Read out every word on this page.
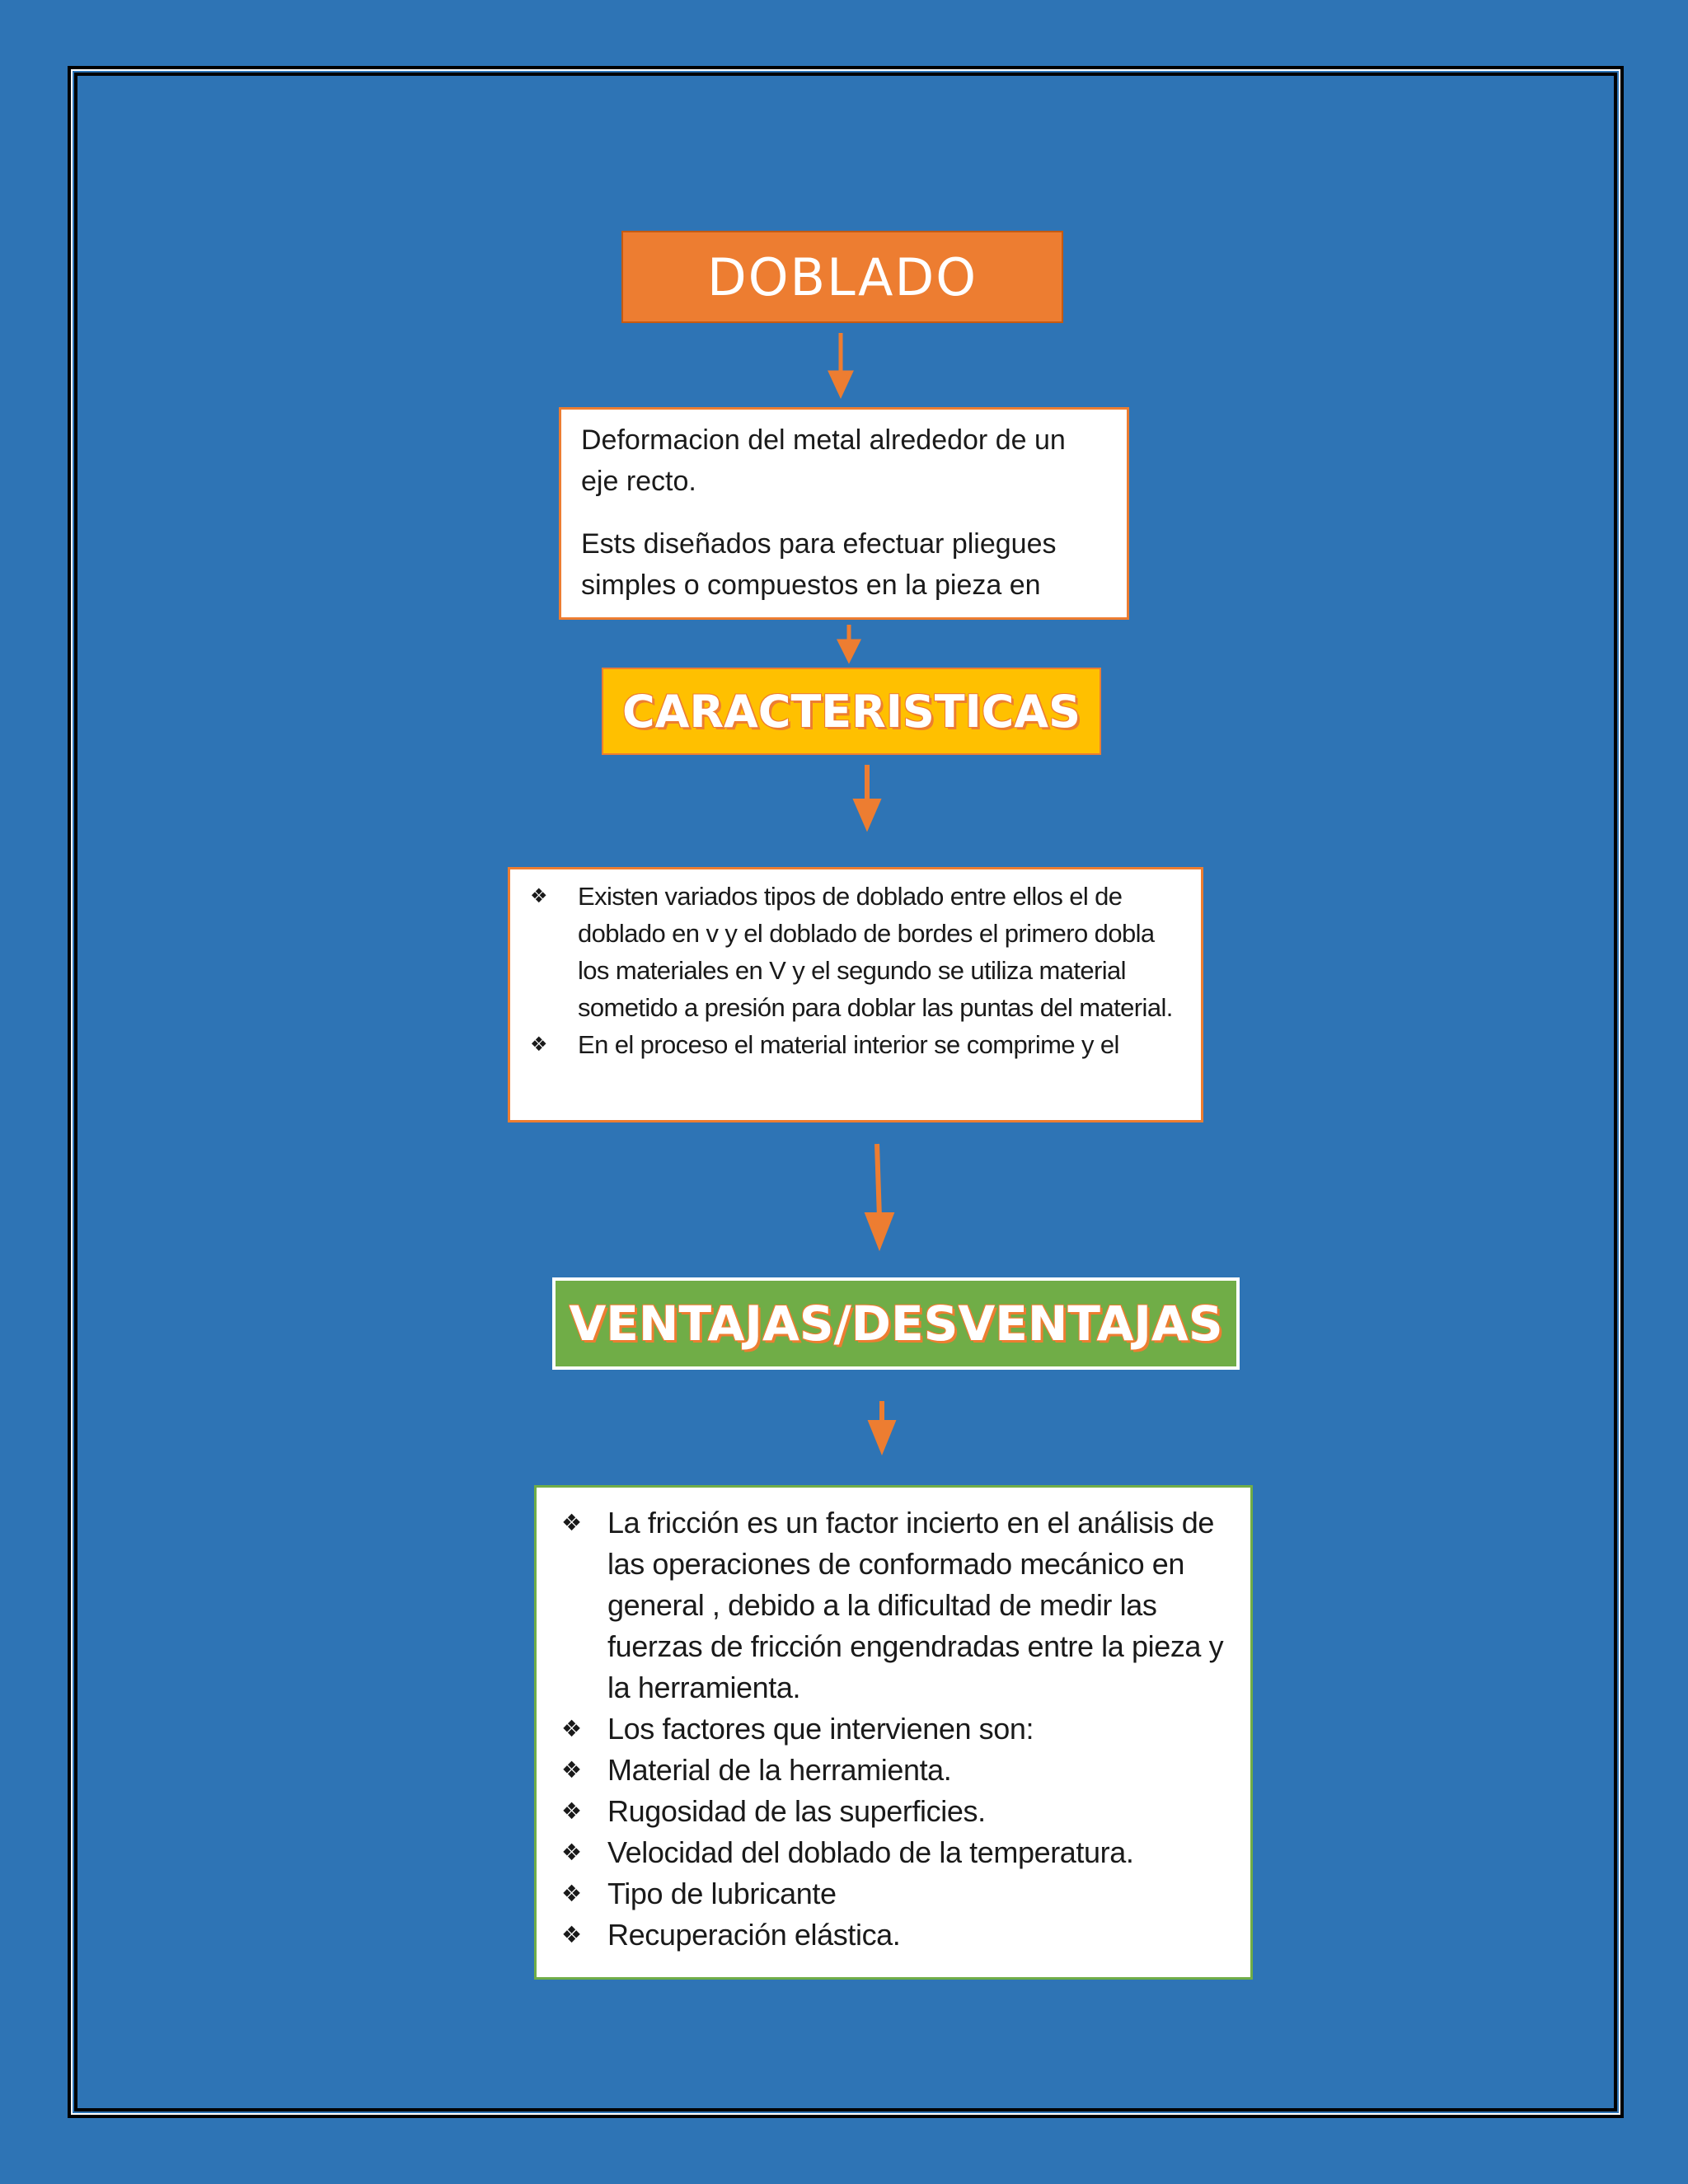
DOBLADO

Deformacion del metal alrededor de un eje recto.

Ests diseñados para efectuar pliegues simples o compuestos en la pieza en

CARACTERISTICAS
❖	Existen variados tipos de doblado entre ellos el de doblado en v y el doblado de bordes el primero dobla los materiales en V y el segundo se utiliza material sometido a presión para doblar las puntas del material.
❖	En el proceso el material interior se comprime y el
VENTAJAS/DESVENTAJAS
❖ La fricción es un factor incierto en el análisis de las operaciones de conformado mecánico en general , debido a la dificultad de medir las fuerzas de fricción engendradas entre la pieza y la herramienta.
❖ Los factores que intervienen son:
❖ Material de la herramienta.
❖ Rugosidad de las superficies.
❖ Velocidad del doblado de la temperatura.
❖ Tipo de lubricante
❖ Recuperación elástica.
